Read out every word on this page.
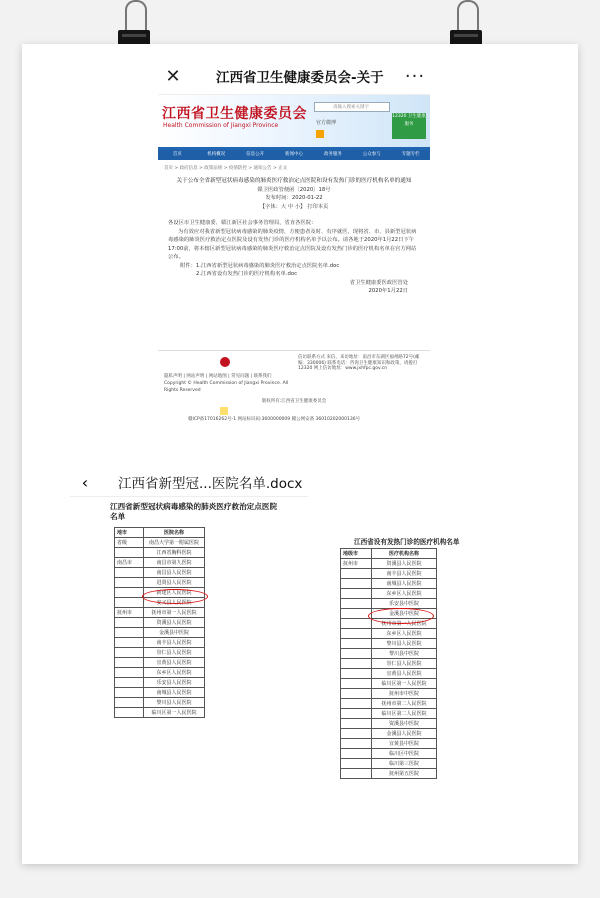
✕	江西省卫生健康委员会-关于	···
江西省卫生健康委员会
Health Commission of Jiangxi Province
请输入搜索关键字
官方微博
12320 卫生健康服务
首页	机构概况	信息公开	新闻中心	政务服务	公众参与	专题专栏
首页 > 政府信息 > 政策法规 > 疫情防控 > 通知公告 > 正文

关于公布全省新型冠状病毒感染的肺炎医疗救治定点医院和设有发热门诊的医疗机构名单的通知

赣卫医政管便函〔2020〕18号

发布时间：2020-01-22

【字体：大 中 小】 打印本页

各设区市卫生健康委、赣江新区社会事务管理局，省直各医院：

为有效应对我省新型冠状病毒感染的肺炎疫情，方便患者及时、有序就医，现将省、市、县新型冠状病毒感染的肺炎医疗救治定点医院及设有发热门诊的医疗机构名单予以公布。请各地于2020年1月22日下午17:00前，将本辖区新型冠状病毒感染的肺炎医疗救治定点医院及设有发热门诊的医疗机构名单在官方网站公布。

附件：1.江西省新型冠状病毒感染的肺炎医疗救治定点医院名单.doc

2.江西省设有发热门诊的医疗机构名单.doc

省卫生健康委医政医管处

2020年1月22日

隐私声明 | 网站声明 | 网站地图 | 常见问题 | 联系我们
Copyright © Health Commission of Jiangxi Province. All Rights Reserved
信访联系方式 来信、来访地址：南昌市东湖区福州路72号(邮编：330006) 联系电话：咨询卫生健康知识和政策，请拨打12320 网上信访地址：www.jxhfpc.gov.cn
版权所有:江西省卫生健康委员会
赣ICP备17016262号-1 网站标识码:3600000009 赣公网安备 36010202000136号
‹	江西省新型冠...医院名单.docx
江西省新型冠状病毒感染的肺炎医疗救治定点医院名单
地市	医院名称
省级	南昌大学第一附属医院
	江西省胸科医院
南昌市	南昌市第九医院
	南昌县人民医院
	进贤县人民医院
	新建区人民医院
	安义县人民医院
抚州市	抚州市第一人民医院
	资溪县人民医院
	金溪县中医院
	南丰县人民医院
	崇仁县人民医院
	宜黄县人民医院
	东乡区人民医院
	乐安县人民医院
	南城县人民医院
	黎川县人民医院
	临川区第一人民医院
江西省设有发热门诊的医疗机构名单
地级市	医疗机构名称
抚州市	资溪县人民医院
	南丰县人民医院
	南城县人民医院
	东乡区人民医院
	乐安县中医院
	金溪县中医院
	抚州市第一人民医院
	东乡区人民医院
	黎川县人民医院
	黎川县中医院
	崇仁县人民医院
	宜黄县人民医院
	临川区第一人民医院
	抚州市中医院
	抚州市第二人民医院
	临川区第二人民医院
	资溪县中医院
	金溪县人民医院
	宜黄县中医院
	临川区中医院
	临川第三医院
	抚州第五医院
